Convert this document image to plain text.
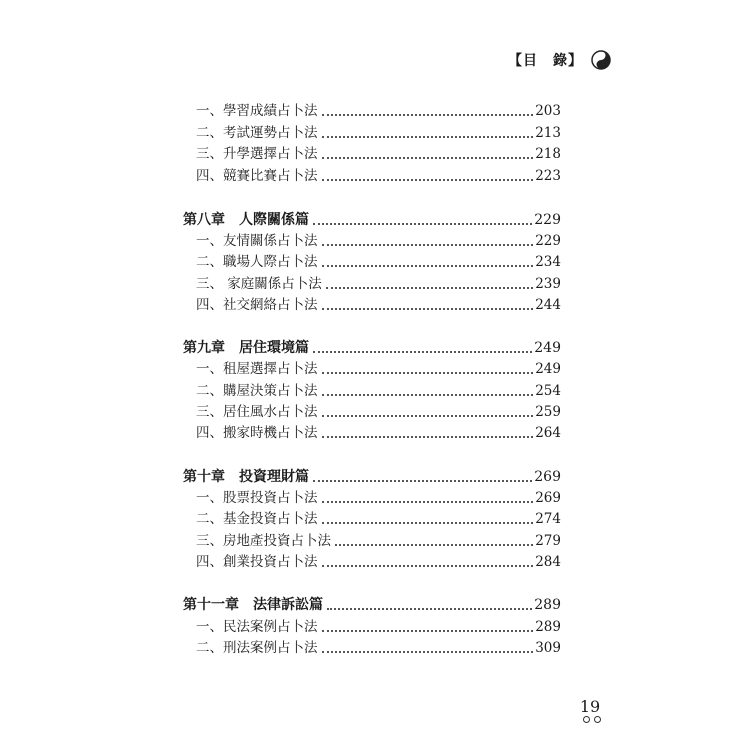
【目　錄】
一、學習成績占卜法	203
二、考試運勢占卜法	213
三、升學選擇占卜法	218
四、競賽比賽占卜法	223
第八章　人際關係篇	229
一、友情關係占卜法	229
二、職場人際占卜法	234
三、 家庭關係占卜法	239
四、社交網絡占卜法	244
第九章　居住環境篇	249
一、租屋選擇占卜法	249
二、購屋決策占卜法	254
三、居住風水占卜法	259
四、搬家時機占卜法	264
第十章　投資理財篇	269
一、股票投資占卜法	269
二、基金投資占卜法	274
三、房地產投資占卜法	279
四、創業投資占卜法	284
第十一章　法律訴訟篇	289
一、民法案例占卜法	289
二、刑法案例占卜法	309
19
